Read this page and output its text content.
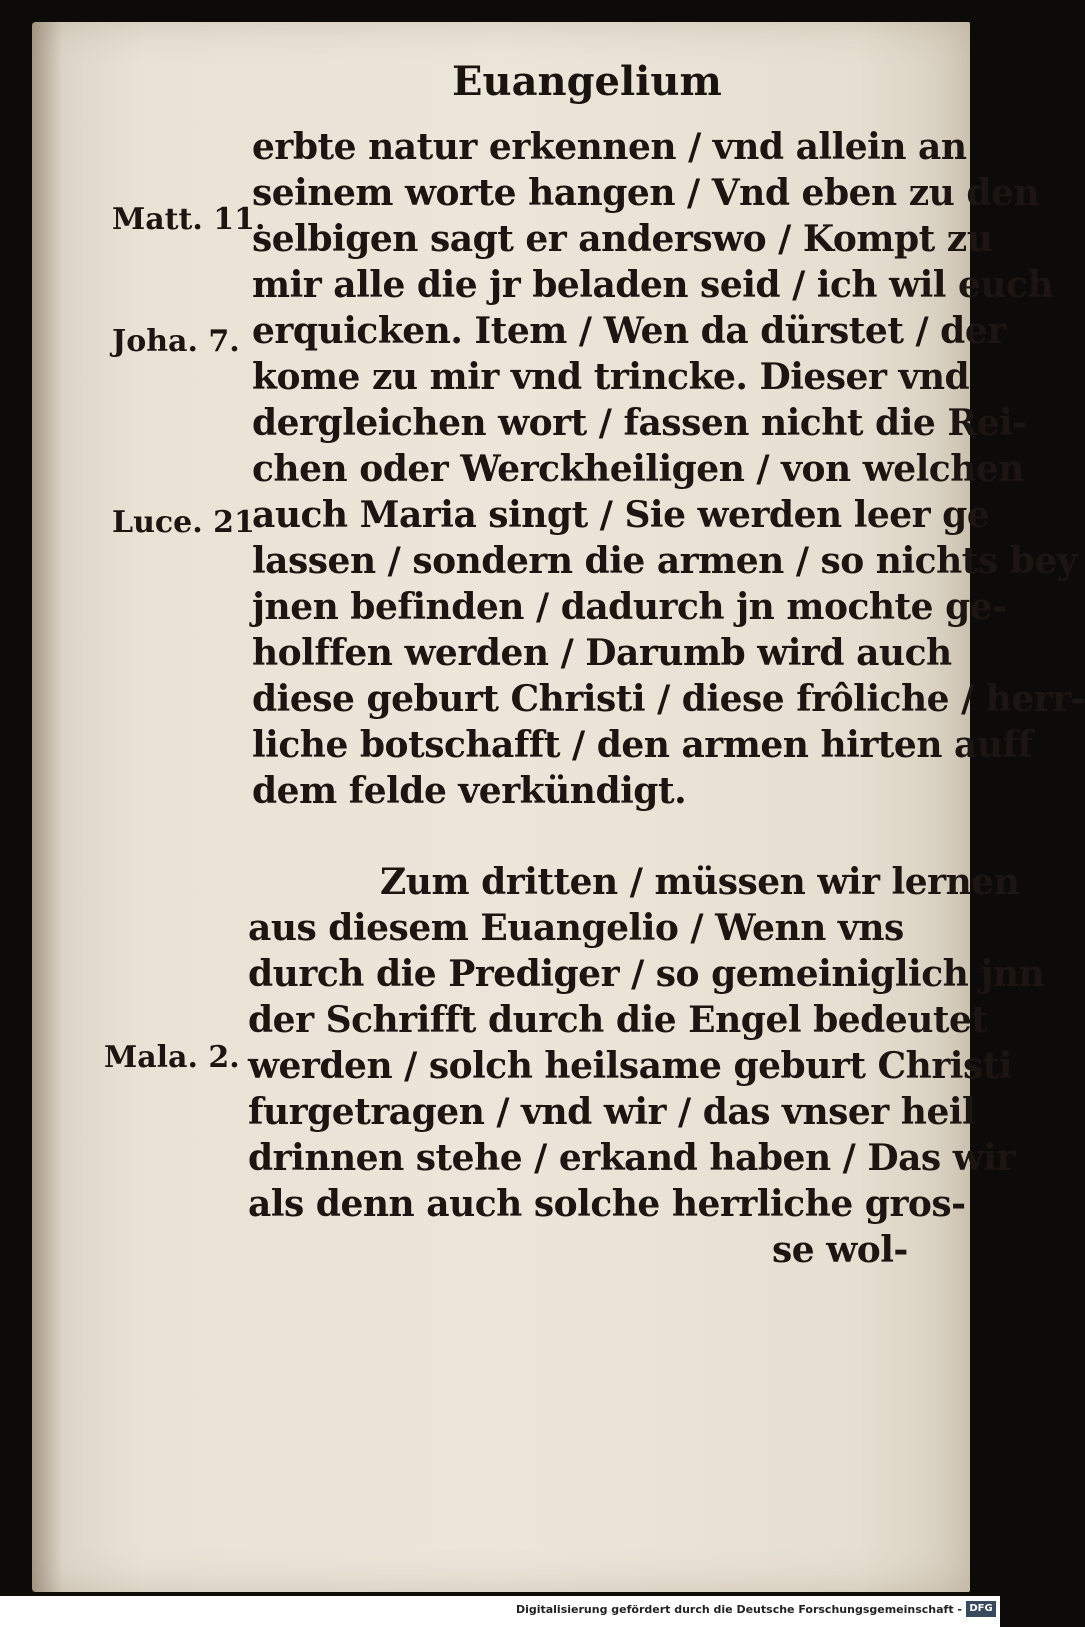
Euangelium
Matt. 11.
Joha. 7.
Luce. 21
Mala. 2.
erbte natur erkennen / vnd allein an
seinem worte hangen / Vnd eben zu den
selbigen sagt er anderswo / Kompt zu
mir alle die jr beladen seid / ich wil euch
erquicken. Item / Wen da dürstet / der
kome zu mir vnd trincke. Dieser vnd
dergleichen wort / fassen nicht die Rei-
chen oder Werckheiligen / von welchen
auch Maria singt / Sie werden leer ge
lassen / sondern die armen / so nichts bey
jnen befinden / dadurch jn mochte ge-
holffen werden / Darumb wird auch
diese geburt Christi / diese frôliche / herr-
liche botschafft / den armen hirten auff
dem felde verkündigt.
Zum dritten / müssen wir lernen
aus diesem Euangelio / Wenn vns
durch die Prediger / so gemeiniglich jnn
der Schrifft durch die Engel bedeutet
werden / solch heilsame geburt Christi
furgetragen / vnd wir / das vnser heil
drinnen stehe / erkand haben / Das wir
als denn auch solche herrliche gros-
se wol-
Digitalisierung gefördert durch die Deutsche Forschungsgemeinschaft - DFG
